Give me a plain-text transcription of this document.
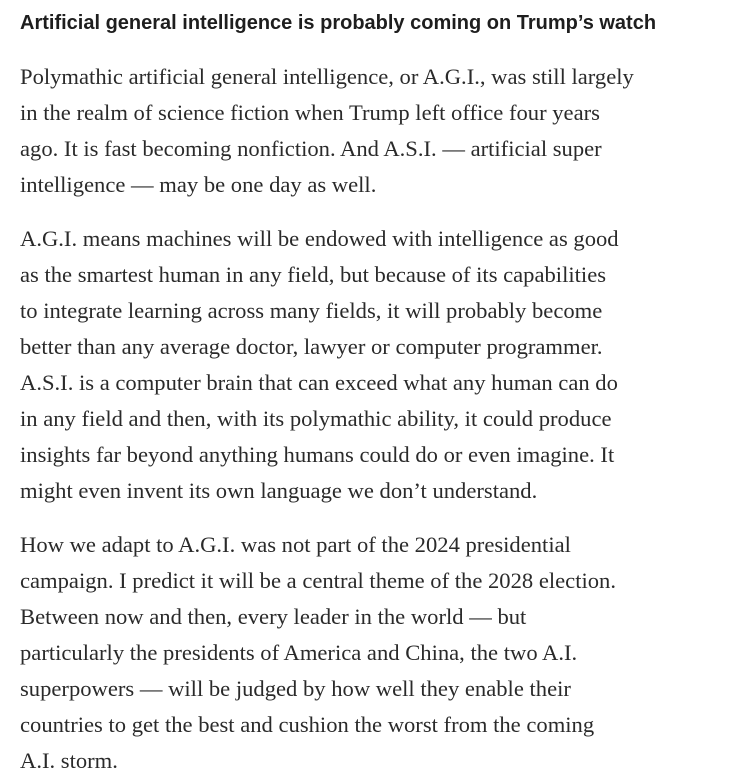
Artificial general intelligence is probably coming on Trump’s watch

Polymathic artificial general intelligence, or A.G.I., was still largely
in the realm of science fiction when Trump left office four years
ago. It is fast becoming nonfiction. And A.S.I. — artificial super
intelligence — may be one day as well.

A.G.I. means machines will be endowed with intelligence as good
as the smartest human in any field, but because of its capabilities
to integrate learning across many fields, it will probably become
better than any average doctor, lawyer or computer programmer.
A.S.I. is a computer brain that can exceed what any human can do
in any field and then, with its polymathic ability, it could produce
insights far beyond anything humans could do or even imagine. It
might even invent its own language we don’t understand.

How we adapt to A.G.I. was not part of the 2024 presidential
campaign. I predict it will be a central theme of the 2028 election.
Between now and then, every leader in the world — but
particularly the presidents of America and China, the two A.I.
superpowers — will be judged by how well they enable their
countries to get the best and cushion the worst from the coming
A.I. storm.
